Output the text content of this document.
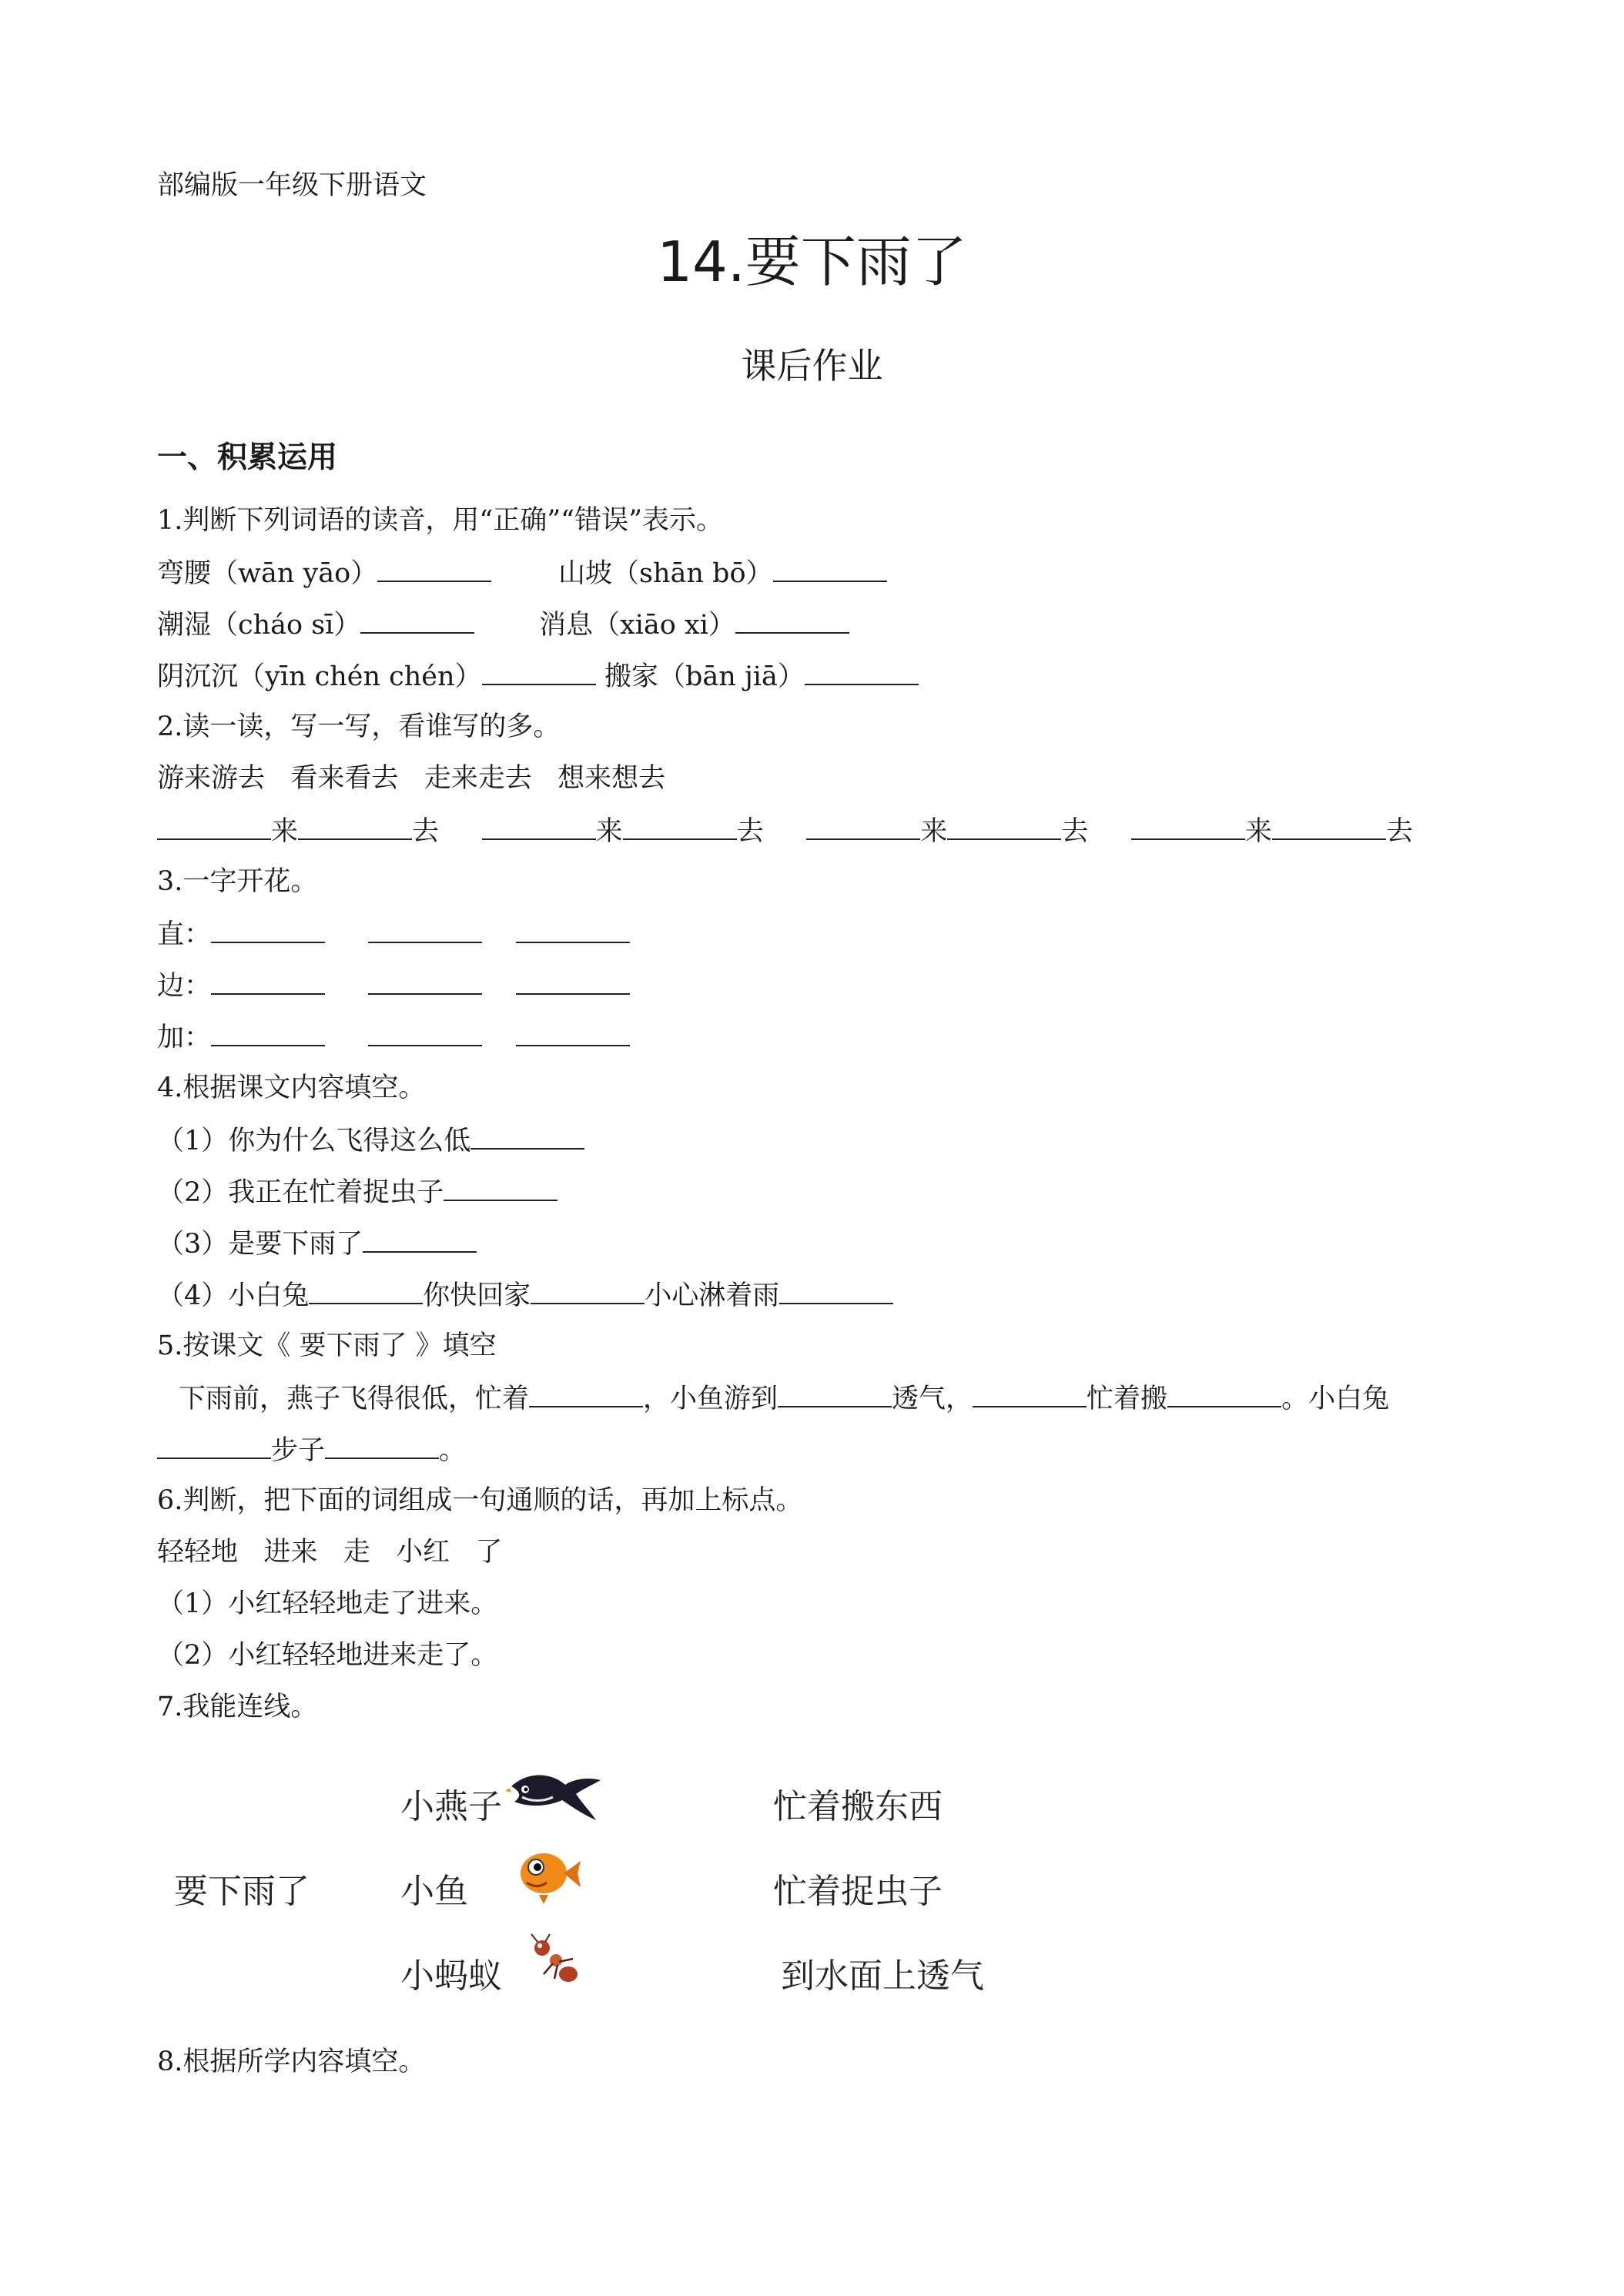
部编版一年级下册语文
14.要下雨了
课后作业
一、积累运用
1.判断下列词语的读音，用“正确”“错误”表示。
弯腰（wān yāo）	山坡（shān bō）
潮湿（cháo sī）	消息（xiāo xi）
阴沉沉（yīn chén chén）	搬家（bān jiā）
2.读一读，写一写，看谁写的多。
游来游去   看来看去   走来走去   想来想去
来	去	来	去	来	去	来	去
3.一字开花。
直：
边：
加：
4.根据课文内容填空。
（1）你为什么飞得这么低
（2）我正在忙着捉虫子
（3）是要下雨了
（4）小白兔	你快回家	小心淋着雨
5.按课文《 要下雨了 》填空
下雨前，燕子飞得很低，忙着	，小鱼游到	透气，	忙着搬	。小白兔
步子	。
6.判断，把下面的词组成一句通顺的话，再加上标点。
轻轻地   进来   走   小红   了
（1）小红轻轻地走了进来。
（2）小红轻轻地进来走了。
7.我能连线。
要下雨了
小燕子
小鱼
小蚂蚁
忙着搬东西
忙着捉虫子
到水面上透气
8.根据所学内容填空。
